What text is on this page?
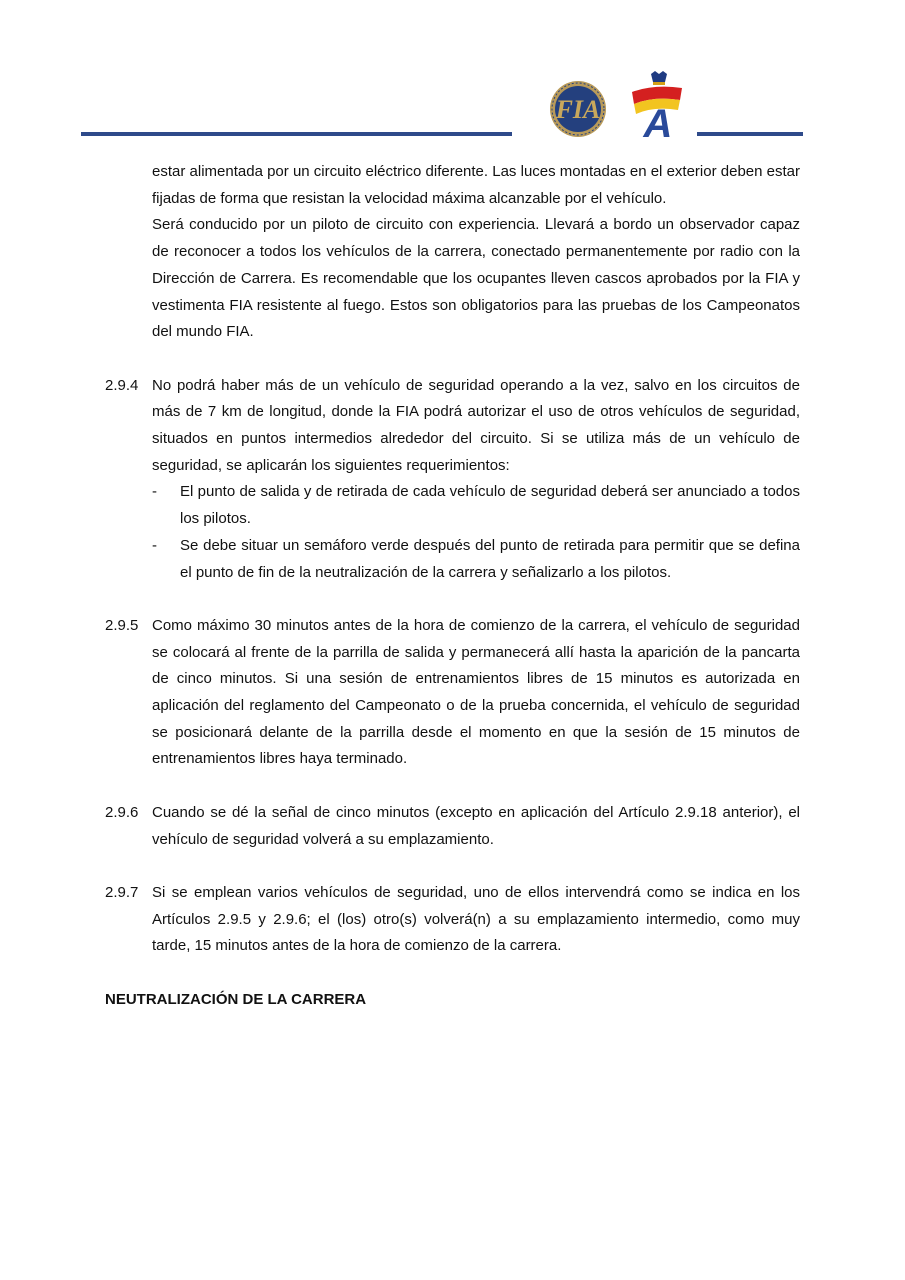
FIA A

estar alimentada por un circuito eléctrico diferente. Las luces montadas en el exterior deben estar fijadas de forma que resistan la velocidad máxima alcanzable por el vehículo.

Será conducido por un piloto de circuito con experiencia. Llevará a bordo un observador capaz de reconocer a todos los vehículos de la carrera, conectado permanentemente por radio con la Dirección de Carrera. Es recomendable que los ocupantes lleven cascos aprobados por la FIA y vestimenta FIA resistente al fuego. Estos son obligatorios para las pruebas de los Campeonatos del mundo FIA.

2.9.4 No podrá haber más de un vehículo de seguridad operando a la vez, salvo en los circuitos de más de 7 km de longitud, donde la FIA podrá autorizar el uso de otros vehículos de seguridad, situados en puntos intermedios alrededor del circuito. Si se utiliza más de un vehículo de seguridad, se aplicarán los siguientes requerimientos:

- El punto de salida y de retirada de cada vehículo de seguridad deberá ser anunciado a todos los pilotos.

- Se debe situar un semáforo verde después del punto de retirada para permitir que se defina el punto de fin de la neutralización de la carrera y señalizarlo a los pilotos.

2.9.5 Como máximo 30 minutos antes de la hora de comienzo de la carrera, el vehículo de seguridad se colocará al frente de la parrilla de salida y permanecerá allí hasta la aparición de la pancarta de cinco minutos. Si una sesión de entrenamientos libres de 15 minutos es autorizada en aplicación del reglamento del Campeonato o de la prueba concernida, el vehículo de seguridad se posicionará delante de la parrilla desde el momento en que la sesión de 15 minutos de entrenamientos libres haya terminado.

2.9.6 Cuando se dé la señal de cinco minutos (excepto en aplicación del Artículo 2.9.18 anterior), el vehículo de seguridad volverá a su emplazamiento.

2.9.7 Si se emplean varios vehículos de seguridad, uno de ellos intervendrá como se indica en los Artículos 2.9.5 y 2.9.6; el (los) otro(s) volverá(n) a su emplazamiento intermedio, como muy tarde, 15 minutos antes de la hora de comienzo de la carrera.

NEUTRALIZACIÓN DE LA CARRERA
